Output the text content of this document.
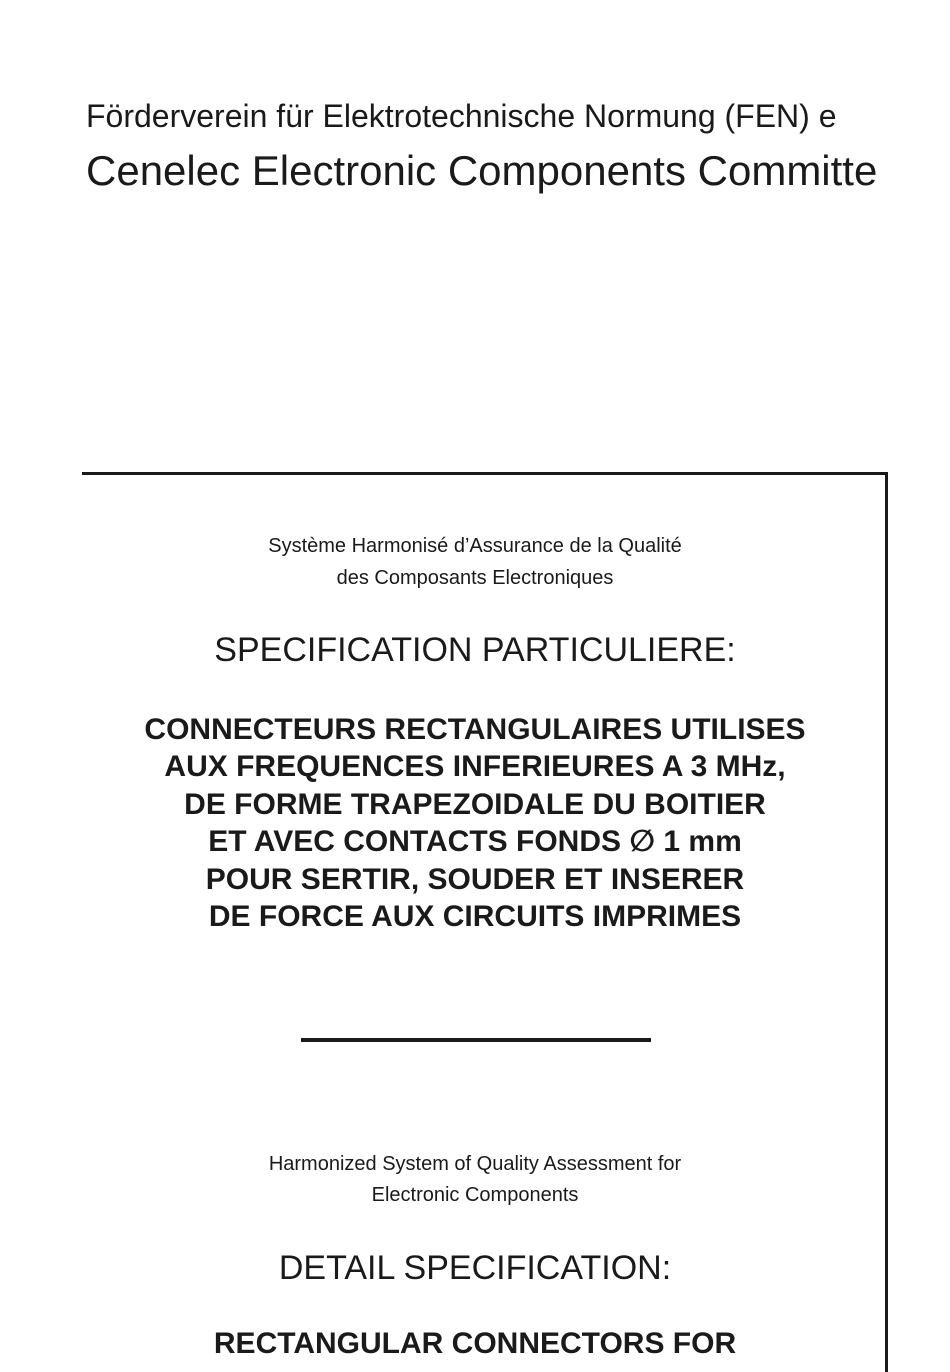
Förderverein für Elektrotechnische Normung (FEN) e
Cenelec Electronic Components Committe
Système Harmonisé d’Assurance de la Qualité
des Composants Electroniques
SPECIFICATION PARTICULIERE:
CONNECTEURS RECTANGULAIRES UTILISES
AUX FREQUENCES INFERIEURES A 3 MHz,
DE FORME TRAPEZOIDALE DU BOITIER
ET AVEC CONTACTS FONDS ∅ 1 mm
POUR SERTIR, SOUDER ET INSERER
DE FORCE AUX CIRCUITS IMPRIMES
Harmonized System of Quality Assessment for
Electronic Components
DETAIL SPECIFICATION:
RECTANGULAR CONNECTORS FOR
